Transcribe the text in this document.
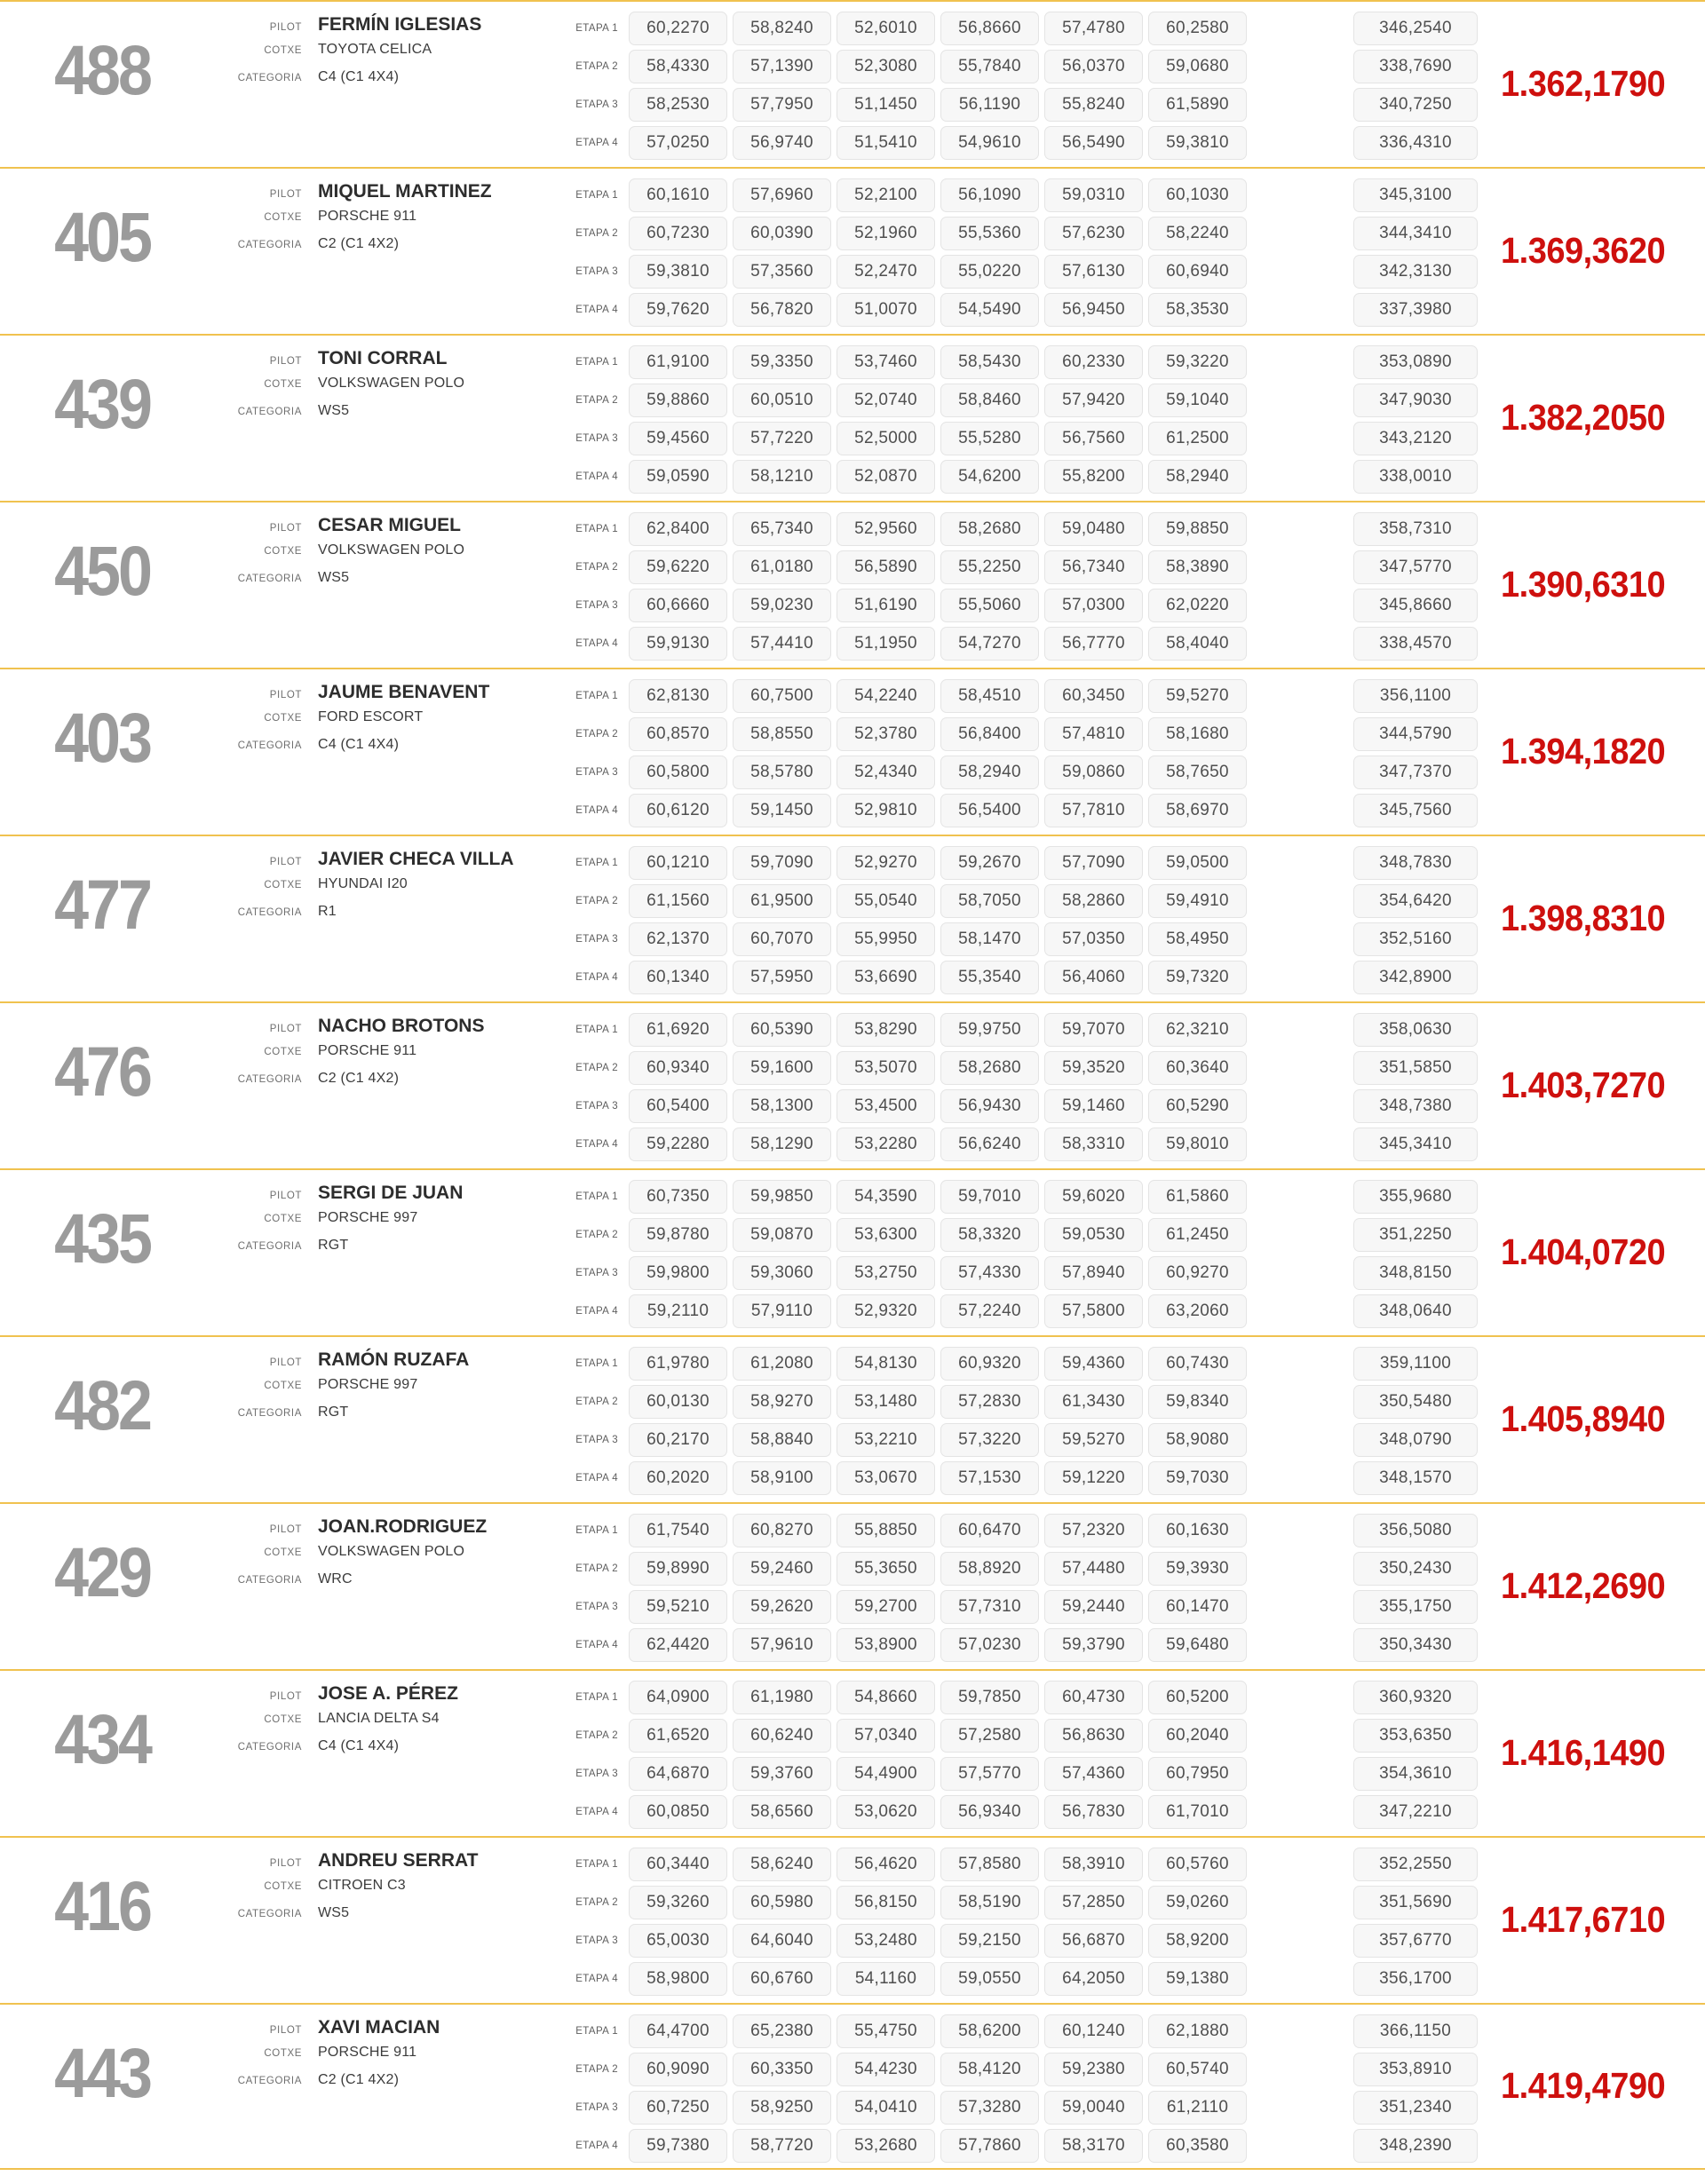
488
PILOT FERMÍN IGLESIAS
COTXE	TOYOTA CELICA
CATEGORIA	C4 (C1 4X4)
ETAPA 1	60,2270	58,8240	52,6010	56,8660	57,4780	60,2580	346,2540
ETAPA 2	58,4330	57,1390	52,3080	55,7840	56,0370	59,0680	338,7690
ETAPA 3	58,2530	57,7950	51,1450	56,1190	55,8240	61,5890	340,7250
ETAPA 4	57,0250	56,9740	51,5410	54,9610	56,5490	59,3810	336,4310
1.362,1790
405
PILOT MIQUEL MARTINEZ
COTXE	PORSCHE 911
CATEGORIA	C2 (C1 4X2)
ETAPA 1	60,1610	57,6960	52,2100	56,1090	59,0310	60,1030	345,3100
ETAPA 2	60,7230	60,0390	52,1960	55,5360	57,6230	58,2240	344,3410
ETAPA 3	59,3810	57,3560	52,2470	55,0220	57,6130	60,6940	342,3130
ETAPA 4	59,7620	56,7820	51,0070	54,5490	56,9450	58,3530	337,3980
1.369,3620
439
PILOT TONI CORRAL
COTXE	VOLKSWAGEN POLO
CATEGORIA	WS5
ETAPA 1	61,9100	59,3350	53,7460	58,5430	60,2330	59,3220	353,0890
ETAPA 2	59,8860	60,0510	52,0740	58,8460	57,9420	59,1040	347,9030
ETAPA 3	59,4560	57,7220	52,5000	55,5280	56,7560	61,2500	343,2120
ETAPA 4	59,0590	58,1210	52,0870	54,6200	55,8200	58,2940	338,0010
1.382,2050
450
PILOT CESAR MIGUEL
COTXE	VOLKSWAGEN POLO
CATEGORIA	WS5
ETAPA 1	62,8400	65,7340	52,9560	58,2680	59,0480	59,8850	358,7310
ETAPA 2	59,6220	61,0180	56,5890	55,2250	56,7340	58,3890	347,5770
ETAPA 3	60,6660	59,0230	51,6190	55,5060	57,0300	62,0220	345,8660
ETAPA 4	59,9130	57,4410	51,1950	54,7270	56,7770	58,4040	338,4570
1.390,6310
403
PILOT JAUME BENAVENT
COTXE	FORD ESCORT
CATEGORIA	C4 (C1 4X4)
ETAPA 1	62,8130	60,7500	54,2240	58,4510	60,3450	59,5270	356,1100
ETAPA 2	60,8570	58,8550	52,3780	56,8400	57,4810	58,1680	344,5790
ETAPA 3	60,5800	58,5780	52,4340	58,2940	59,0860	58,7650	347,7370
ETAPA 4	60,6120	59,1450	52,9810	56,5400	57,7810	58,6970	345,7560
1.394,1820
477
PILOT JAVIER CHECA VILLA
COTXE	HYUNDAI I20
CATEGORIA	R1
ETAPA 1	60,1210	59,7090	52,9270	59,2670	57,7090	59,0500	348,7830
ETAPA 2	61,1560	61,9500	55,0540	58,7050	58,2860	59,4910	354,6420
ETAPA 3	62,1370	60,7070	55,9950	58,1470	57,0350	58,4950	352,5160
ETAPA 4	60,1340	57,5950	53,6690	55,3540	56,4060	59,7320	342,8900
1.398,8310
476
PILOT NACHO BROTONS
COTXE	PORSCHE 911
CATEGORIA	C2 (C1 4X2)
ETAPA 1	61,6920	60,5390	53,8290	59,9750	59,7070	62,3210	358,0630
ETAPA 2	60,9340	59,1600	53,5070	58,2680	59,3520	60,3640	351,5850
ETAPA 3	60,5400	58,1300	53,4500	56,9430	59,1460	60,5290	348,7380
ETAPA 4	59,2280	58,1290	53,2280	56,6240	58,3310	59,8010	345,3410
1.403,7270
435
PILOT SERGI DE JUAN
COTXE	PORSCHE 997
CATEGORIA	RGT
ETAPA 1	60,7350	59,9850	54,3590	59,7010	59,6020	61,5860	355,9680
ETAPA 2	59,8780	59,0870	53,6300	58,3320	59,0530	61,2450	351,2250
ETAPA 3	59,9800	59,3060	53,2750	57,4330	57,8940	60,9270	348,8150
ETAPA 4	59,2110	57,9110	52,9320	57,2240	57,5800	63,2060	348,0640
1.404,0720
482
PILOT RAMÓN RUZAFA
COTXE	PORSCHE 997
CATEGORIA	RGT
ETAPA 1	61,9780	61,2080	54,8130	60,9320	59,4360	60,7430	359,1100
ETAPA 2	60,0130	58,9270	53,1480	57,2830	61,3430	59,8340	350,5480
ETAPA 3	60,2170	58,8840	53,2210	57,3220	59,5270	58,9080	348,0790
ETAPA 4	60,2020	58,9100	53,0670	57,1530	59,1220	59,7030	348,1570
1.405,8940
429
PILOT JOAN.RODRIGUEZ
COTXE	VOLKSWAGEN POLO
CATEGORIA	WRC
ETAPA 1	61,7540	60,8270	55,8850	60,6470	57,2320	60,1630	356,5080
ETAPA 2	59,8990	59,2460	55,3650	58,8920	57,4480	59,3930	350,2430
ETAPA 3	59,5210	59,2620	59,2700	57,7310	59,2440	60,1470	355,1750
ETAPA 4	62,4420	57,9610	53,8900	57,0230	59,3790	59,6480	350,3430
1.412,2690
434
PILOT JOSE A. PÉREZ
COTXE	LANCIA DELTA S4
CATEGORIA	C4 (C1 4X4)
ETAPA 1	64,0900	61,1980	54,8660	59,7850	60,4730	60,5200	360,9320
ETAPA 2	61,6520	60,6240	57,0340	57,2580	56,8630	60,2040	353,6350
ETAPA 3	64,6870	59,3760	54,4900	57,5770	57,4360	60,7950	354,3610
ETAPA 4	60,0850	58,6560	53,0620	56,9340	56,7830	61,7010	347,2210
1.416,1490
416
PILOT ANDREU SERRAT
COTXE	CITROEN C3
CATEGORIA	WS5
ETAPA 1	60,3440	58,6240	56,4620	57,8580	58,3910	60,5760	352,2550
ETAPA 2	59,3260	60,5980	56,8150	58,5190	57,2850	59,0260	351,5690
ETAPA 3	65,0030	64,6040	53,2480	59,2150	56,6870	58,9200	357,6770
ETAPA 4	58,9800	60,6760	54,1160	59,0550	64,2050	59,1380	356,1700
1.417,6710
443
PILOT XAVI MACIAN
COTXE	PORSCHE 911
CATEGORIA	C2 (C1 4X2)
ETAPA 1	64,4700	65,2380	55,4750	58,6200	60,1240	62,1880	366,1150
ETAPA 2	60,9090	60,3350	54,4230	58,4120	59,2380	60,5740	353,8910
ETAPA 3	60,7250	58,9250	54,0410	57,3280	59,0040	61,2110	351,2340
ETAPA 4	59,7380	58,7720	53,2680	57,7860	58,3170	60,3580	348,2390
1.419,4790
